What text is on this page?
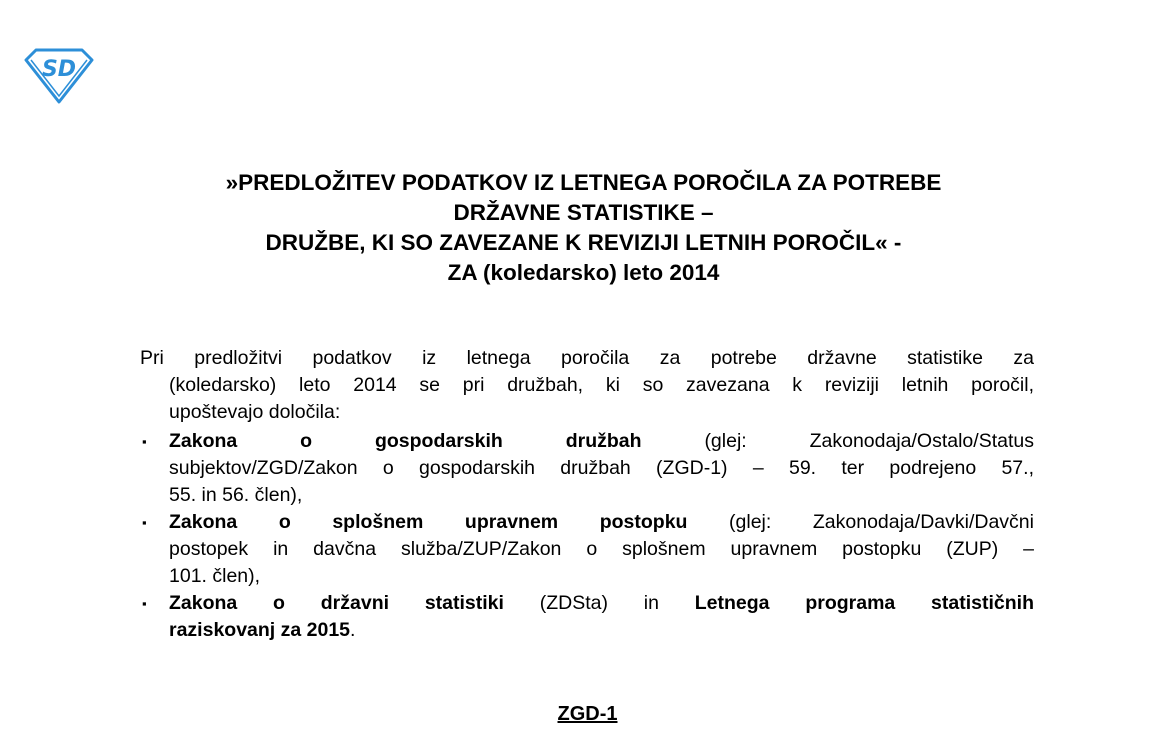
SD
»PREDLOŽITEV PODATKOV IZ LETNEGA POROČILA ZA POTREBE
DRŽAVNE STATISTIKE –
DRUŽBE, KI SO ZAVEZANE K REVIZIJI LETNIH POROČIL« -
ZA (koledarsko) leto 2014
Pri predložitvi podatkov iz letnega poročila za potrebe državne statistike za
(koledarsko) leto 2014 se pri družbah, ki so zavezana k reviziji letnih poročil,
upoštevajo določila:
▪ Zakona o gospodarskih družbah (glej: Zakonodaja/Ostalo/Status
subjektov/ZGD/Zakon o gospodarskih družbah (ZGD-1) – 59. ter podrejeno 57.,
55. in 56. člen),
▪ Zakona o splošnem upravnem postopku (glej: Zakonodaja/Davki/Davčni
postopek in davčna služba/ZUP/Zakon o splošnem upravnem postopku (ZUP) –
101. člen),
▪ Zakona o državni statistiki (ZDSta) in Letnega programa statističnih
raziskovanj za 2015.
ZGD-1
